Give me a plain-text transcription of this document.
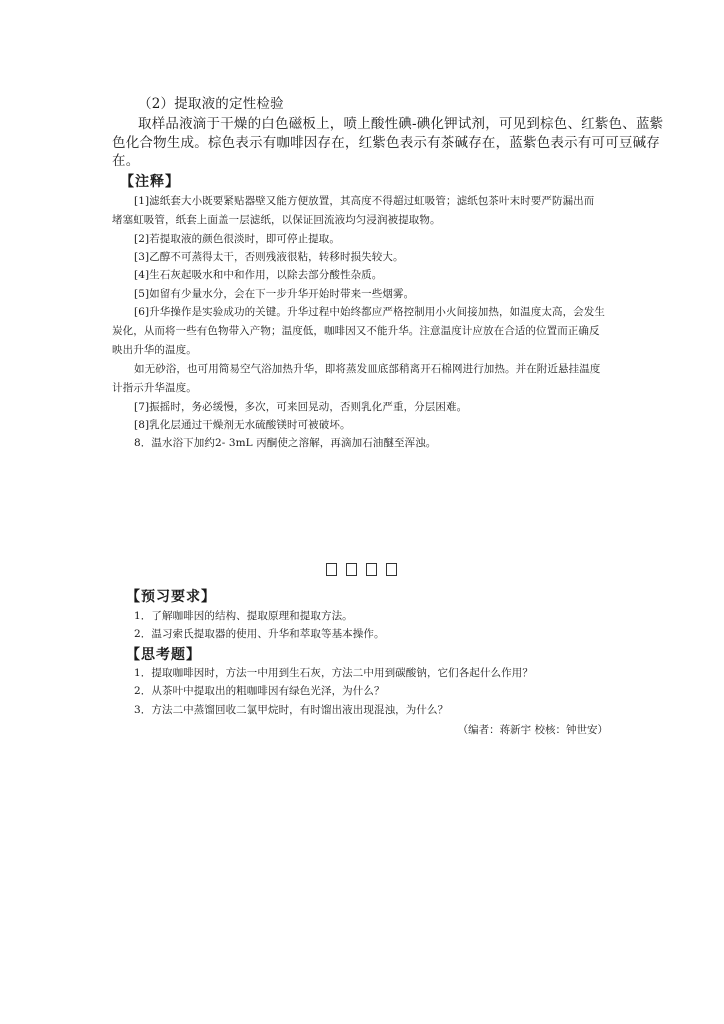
（2）提取液的定性检验
取样品液滴于干燥的白色磁板上，喷上酸性碘-碘化钾试剂，可见到棕色、红紫色、蓝紫
色化合物生成。棕色表示有咖啡因存在，红紫色表示有茶碱存在，蓝紫色表示有可可豆碱存
在。
【注释】
[1]滤纸套大小既要紧贴器壁又能方便放置，其高度不得超过虹吸管；滤纸包茶叶末时要严防漏出而
堵塞虹吸管，纸套上面盖一层滤纸，以保证回流液均匀浸润被提取物。
[2]若提取液的颜色很淡时，即可停止提取。
[3]乙醇不可蒸得太干，否则残液很粘，转移时损失较大。
[4]生石灰起吸水和中和作用，以除去部分酸性杂质。
[5]如留有少量水分，会在下一步升华开始时带来一些烟雾。
[6]升华操作是实验成功的关键。升华过程中始终都应严格控制用小火间接加热，如温度太高，会发生
炭化，从而将一些有色物带入产物；温度低，咖啡因又不能升华。注意温度计应放在合适的位置而正确反
映出升华的温度。
如无砂浴，也可用简易空气浴加热升华，即将蒸发皿底部稍离开石棉网进行加热。并在附近悬挂温度
计指示升华温度。
[7]振摇时，务必缓慢，多次，可来回晃动，否则乳化严重，分层困难。
[8]乳化层通过干燥剂无水硫酸镁时可被破坏。
8．温水浴下加约2- 3mL 丙酮使之溶解，再滴加石油醚至浑浊。
【预习要求】
1．了解咖啡因的结构、提取原理和提取方法。
2．温习索氏提取器的使用、升华和萃取等基本操作。
【思考题】
1．提取咖啡因时，方法一中用到生石灰，方法二中用到碳酸钠，它们各起什么作用？
2．从茶叶中提取出的粗咖啡因有绿色光泽，为什么？
3．方法二中蒸馏回收二氯甲烷时，有时馏出液出现混浊，为什么？
（编者：蒋新宇 校核：钟世安）
